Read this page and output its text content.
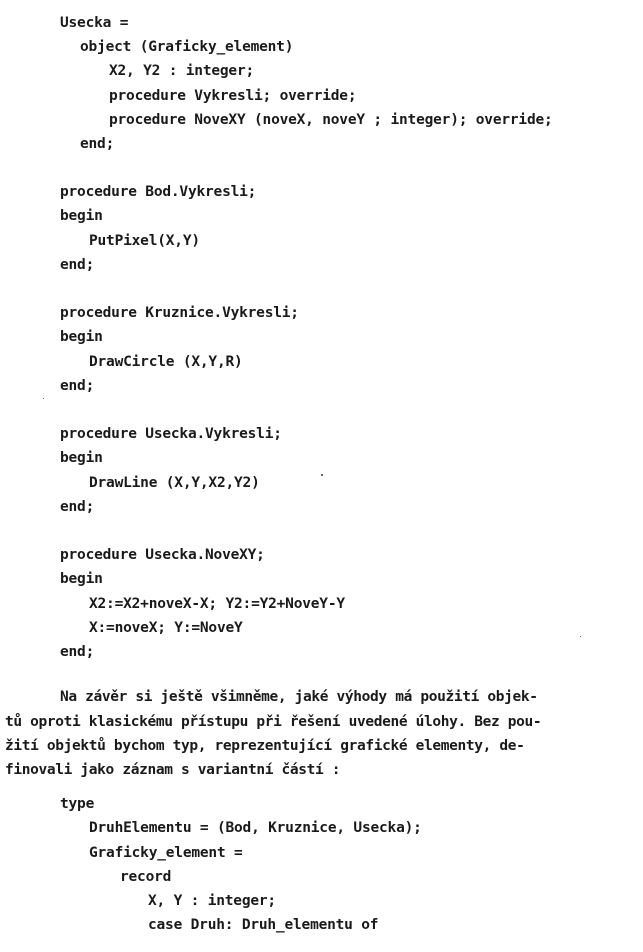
Usecka =
object (Graficky_element)
X2, Y2 : integer;
procedure Vykresli; override;
procedure NoveXY (noveX, noveY ; integer); override;
end;
procedure Bod.Vykresli;
begin
PutPixel(X,Y)
end;
procedure Kruznice.Vykresli;
begin
DrawCircle (X,Y,R)
end;
procedure Usecka.Vykresli;
begin
DrawLine (X,Y,X2,Y2)
end;
procedure Usecka.NoveXY;
begin
X2:=X2+noveX-X; Y2:=Y2+NoveY-Y
X:=noveX; Y:=NoveY
end;
Na závěr si ještě všimněme, jaké výhody má použití objek-
tů oproti klasickému přístupu při řešení uvedené úlohy. Bez pou-
žití objektů bychom typ, reprezentující grafické elementy, de-
finovali jako záznam s variantní částí :
type
DruhElementu = (Bod, Kruznice, Usecka);
Graficky_element =
record
X, Y : integer;
case Druh: Druh_elementu of
